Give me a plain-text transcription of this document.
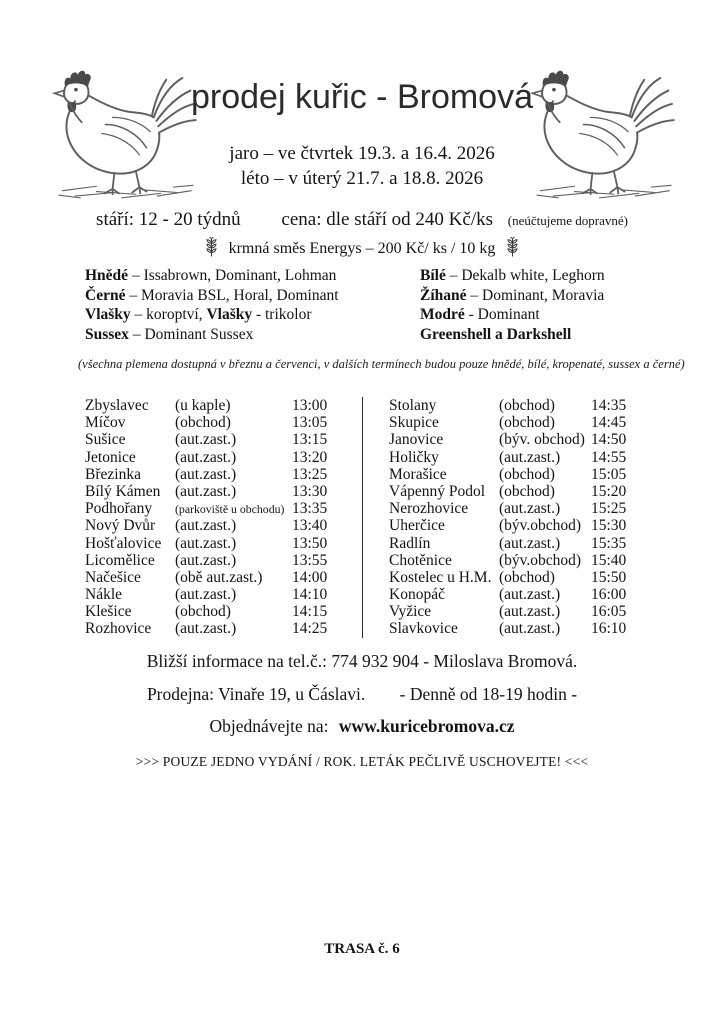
prodej kuřic - Bromová
jaro – ve čtvrtek 19.3. a 16.4. 2026
léto – v úterý 21.7. a 18.8. 2026
stáří: 12 - 20 týdnů cena: dle stáří od 240 Kč/ks (neúčtujeme dopravné)
krmná směs Energys – 200 Kč/ ks / 10 kg
Hnědé – Issabrown, Dominant, Lohman
Černé – Moravia BSL, Horal, Dominant
Vlašky – koroptví, Vlašky - trikolor
Sussex – Dominant Sussex
Bílé – Dekalb white, Leghorn
Žíhané – Dominant, Moravia
Modré - Dominant
Greenshell a Darkshell
(všechna plemena dostupná v březnu a červenci, v dalších termínech budou pouze hnědé, bílé, kropenaté, sussex a černé)
Zbyslavec	(u kaple)	13:00
Míčov	(obchod)	13:05
Sušice	(aut.zast.)	13:15
Jetonice	(aut.zast.)	13:20
Březinka	(aut.zast.)	13:25
Bílý Kámen (aut.zast.)	13:30
Podhořany	(parkoviště u obchodu) 13:35
Nový Dvůr	(aut.zast.)	13:40
Hošťalovice (aut.zast.)	13:50
Licomělice	(aut.zast.)	13:55
Načešice	(obě aut.zast.)	14:00
Nákle	(aut.zast.)	14:10
Klešice	(obchod)	14:15
Rozhovice	(aut.zast.)	14:25
Stolany	(obchod)	14:35
Skupice	(obchod)	14:45
Janovice	(býv. obchod) 14:50
Holičky	(aut.zast.)	14:55
Morašice	(obchod)	15:05
Vápenný Podol (obchod)	15:20
Nerozhovice	(aut.zast.)	15:25
Uherčice	(býv.obchod) 15:30
Radlín	(aut.zast.)	15:35
Chotěnice	(býv.obchod) 15:40
Kostelec u H.M. (obchod)	15:50
Konopáč	(aut.zast.)	16:00
Vyžice	(aut.zast.)	16:05
Slavkovice	(aut.zast.)	16:10
Bližší informace na tel.č.: 774 932 904 - Miloslava Bromová.
Prodejna: Vinaře 19, u Čáslavi. - Denně od 18-19 hodin -
Objednávejte na: www.kuricebromova.cz
>>> POUZE JEDNO VYDÁNÍ / ROK. LETÁK PEČLIVĚ USCHOVEJTE! <<<
TRASA č. 6
